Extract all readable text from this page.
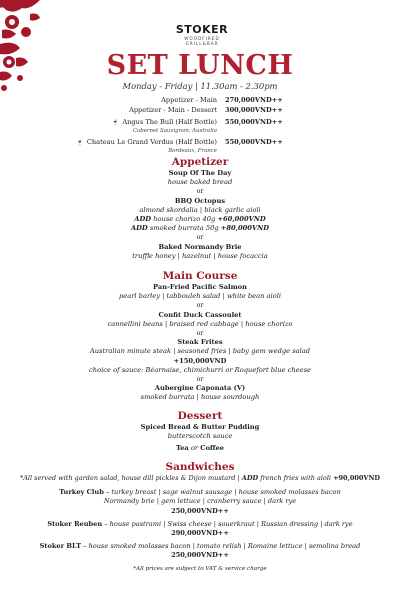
STOKER
WOODFIRED
GRILL&BAR
SET LUNCH
Monday - Friday | 11.30am - 2.30pm
Appetizer - Main 270,000VND++
Appetizer - Main - Dessert 300,000VND++
🍷 Angus The Bull (Half Bottle) 550,000VND++
Cabernet Sauvignon, Australia
🍷 Chateau Le Grand Verdus (Half Bottle) 550,000VND++
Bordeaux, France
Appetizer
Soup Of The Day
house baked bread
or
BBQ Octopus
almond skordalia | black garlic aioli
ADD house chorizo 40g +60,000VND
ADD smoked burrata 50g +80,000VND
or
Baked Normandy Brie
truffle honey | hazelnut | house focaccia
Main Course
Pan-Fried Pacific Salmon
pearl barley | tabbouleh salad | white bean aioli
or
Confit Duck Cassoulet
cannellini beans | braised red cabbage | house chorizo
or
Steak Frites
Australian minute steak | seasoned fries | baby gem wedge salad
+150,000VND
choice of sauce: Béarnaise, chimichurri or Roquefort blue cheese
or
Aubergine Caponata (V)
smoked burrata | house sourdough
Dessert
Spiced Bread & Butter Pudding
butterscotch sauce
Tea or Coffee
Sandwiches
*All served with garden salad, house dill pickles & Dijon mustard | ADD french fries with aioli +90,000VND
Turkey Club – turkey breast | sage walnut sausage | house smoked molasses bacon
Normandy brie | gem lettuce | cranberry sauce | dark rye
250,000VND++
Stoker Reuben – house pastrami | Swiss cheese | sauerkraut | Russian dressing | dark rye
290,000VND++
Stoker BLT – house smoked molasses bacon | tomato relish | Romaine lettuce | semolina bread
250,000VND++
*All prices are subject to VAT & service charge
